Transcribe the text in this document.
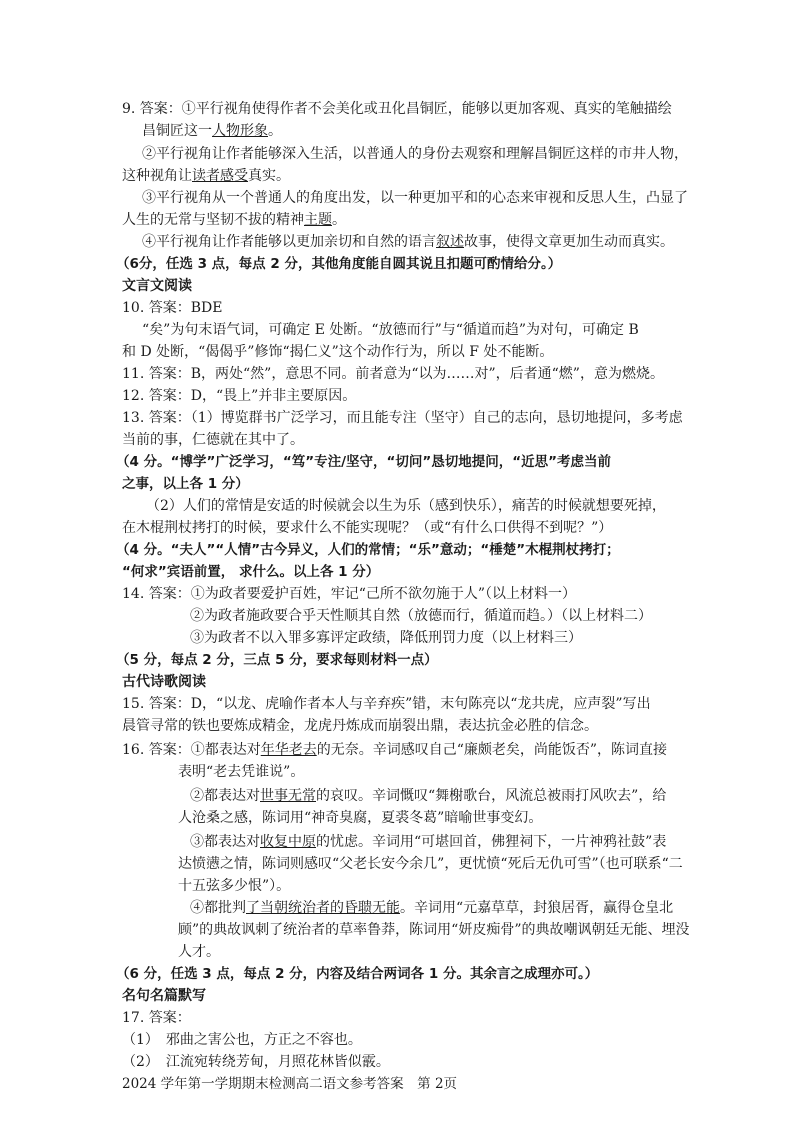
9. 答案：①平行视角使得作者不会美化或丑化昌铜匠，能够以更加客观、真实的笔触描绘
昌铜匠这一人物形象。
②平行视角让作者能够深入生活，以普通人的身份去观察和理解昌铜匠这样的市井人物，
这种视角让读者感受真实。
③平行视角从一个普通人的角度出发，以一种更加平和的心态来审视和反思人生，凸显了
人生的无常与坚韧不拔的精神主题。
④平行视角让作者能够以更加亲切和自然的语言叙述故事，使得文章更加生动而真实。
（6分，任选 3 点，每点 2 分，其他角度能自圆其说且扣题可酌情给分。）
文言文阅读
10. 答案：BDE
“矣”为句末语气词，可确定 E 处断。“放德而行”与“循道而趋”为对句，可确定 B
和 D 处断，“偈偈乎”修饰“揭仁义”这个动作行为，所以 F 处不能断。
11. 答案：B，两处“然”，意思不同。前者意为“以为……对”，后者通“燃”，意为燃烧。
12. 答案：D，“畏上”并非主要原因。
13. 答案：（1）博览群书广泛学习，而且能专注（坚守）自己的志向，恳切地提问，多考虑
当前的事，仁德就在其中了。
（4 分。“博学”广泛学习，“笃”专注/坚守，“切问”恳切地提问，“近思”考虑当前
之事，以上各 1 分）
（2）人们的常情是安适的时候就会以生为乐（感到快乐），痛苦的时候就想要死掉，
在木棍荆杖拷打的时候，要求什么不能实现呢？（或“有什么口供得不到呢？”）
（4 分。“夫人”“人情”古今异义，人们的常情；“乐”意动；“棰楚”木棍荆杖拷打；
“何求”宾语前置， 求什么。以上各 1 分）
14. 答案：①为政者要爱护百姓，牢记“己所不欲勿施于人”（以上材料一）
②为政者施政要合乎天性顺其自然（放德而行，循道而趋。）（以上材料二）
③为政者不以入罪多寡评定政绩，降低刑罚力度（以上材料三）
（5 分，每点 2 分，三点 5 分，要求每则材料一点）
古代诗歌阅读
15. 答案：D，“以龙、虎喻作者本人与辛弃疾”错，末句陈亮以“龙共虎，应声裂”写出
晨管寻常的铁也要炼成精金，龙虎丹炼成而崩裂出鼎，表达抗金必胜的信念。
16. 答案：①都表达对年华老去的无奈。辛词感叹自己“廉颇老矣，尚能饭否”，陈词直接
表明“老去凭谁说”。
②都表达对世事无常的哀叹。辛词慨叹“舞榭歌台，风流总被雨打风吹去”，给
人沧桑之感，陈词用“神奇臭腐，夏裘冬葛”暗喻世事变幻。
③都表达对收复中原的忧虑。辛词用“可堪回首，佛狸祠下，一片神鸦社鼓”表
达愤懑之情，陈词则感叹“父老长安今余几”，更忧愤“死后无仇可雪”（也可联系“二
十五弦多少恨”）。
④都批判了当朝统治者的昏聩无能。辛词用“元嘉草草，封狼居胥，赢得仓皇北
顾”的典故讽刺了统治者的草率鲁莽，陈词用“妍皮痴骨”的典故嘲讽朝廷无能、埋没
人才。
（6 分，任选 3 点，每点 2 分，内容及结合两词各 1 分。其余言之成理亦可。）
名句名篇默写
17. 答案：
（1）　邪曲之害公也，方正之不容也。
（2）　江流宛转绕芳甸，月照花林皆似霰。
2024 学年第一学期期末检测高二语文参考答案　第 2页
